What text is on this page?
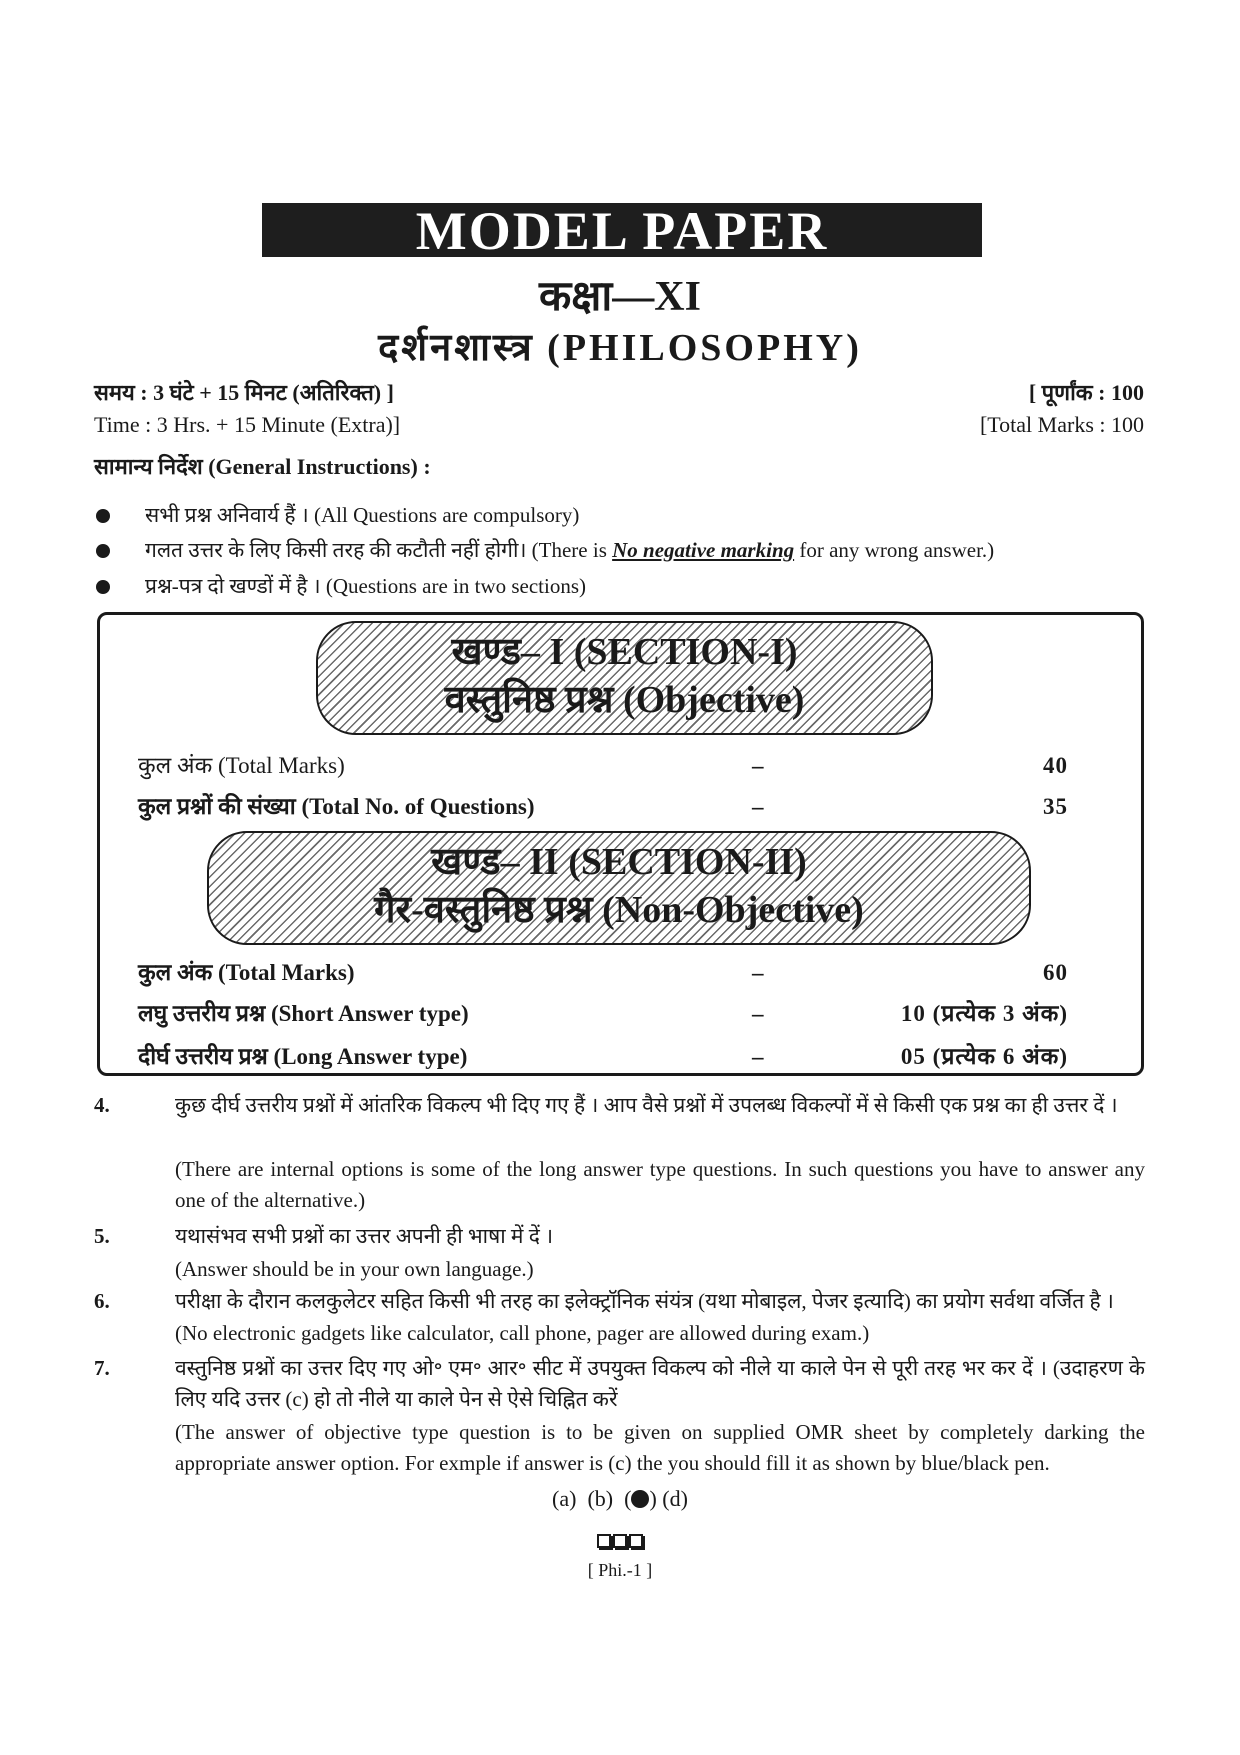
MODEL PAPER
कक्षा—XI
दर्शनशास्त्र (PHILOSOPHY)
समय : 3 घंटे + 15 मिनट (अतिरिक्त) ]	[ पूर्णांक : 100
Time : 3 Hrs. + 15 Minute (Extra)]	[Total Marks : 100
सामान्य निर्देश (General Instructions) :
सभी प्रश्न अनिवार्य हैं । (All Questions are compulsory)
गलत उत्तर के लिए किसी तरह की कटौती नहीं होगी। (There is No negative marking for any wrong answer.)
प्रश्न-पत्र दो खण्डों में है । (Questions are in two sections)
खण्ड– I (SECTION-I)
वस्तुनिष्ठ प्रश्न (Objective)
कुल अंक (Total Marks)	–	40
कुल प्रश्नों की संख्या (Total No. of Questions)	–	35
खण्ड– II (SECTION-II)
गैर-वस्तुनिष्ठ प्रश्न (Non-Objective)
कुल अंक (Total Marks)	–	60
लघु उत्तरीय प्रश्न (Short Answer type)	–	10 (प्रत्येक 3 अंक)
दीर्घ उत्तरीय प्रश्न (Long Answer type)	–	05 (प्रत्येक 6 अंक)
4.	कुछ दीर्घ उत्तरीय प्रश्नों में आंतरिक विकल्प भी दिए गए हैं । आप वैसे प्रश्नों में उपलब्ध विकल्पों में से किसी एक प्रश्न का ही उत्तर दें ।
(There are internal options is some of the long answer type questions. In such questions you have to answer any one of the alternative.)
5.	यथासंभव सभी प्रश्नों का उत्तर अपनी ही भाषा में दें ।
(Answer should be in your own language.)
6.	परीक्षा के दौरान कलकुलेटर सहित किसी भी तरह का इलेक्ट्रॉनिक संयंत्र (यथा मोबाइल, पेजर इत्यादि) का प्रयोग सर्वथा वर्जित है ।
(No electronic gadgets like calculator, call phone, pager are allowed during exam.)
7.	वस्तुनिष्ठ प्रश्नों का उत्तर दिए गए ओ॰ एम॰ आर॰ सीट में उपयुक्त विकल्प को नीले या काले पेन से पूरी तरह भर कर दें । (उदाहरण के लिए यदि उत्तर (c) हो तो नीले या काले पेन से ऐसे चिह्नित करें
(The answer of objective type question is to be given on supplied OMR sheet by completely darking the appropriate answer option. For exmple if answer is (c) the you should fill it as shown by blue/black pen.
(a) (b) ( ) (d)
[ Phi.-1 ]
